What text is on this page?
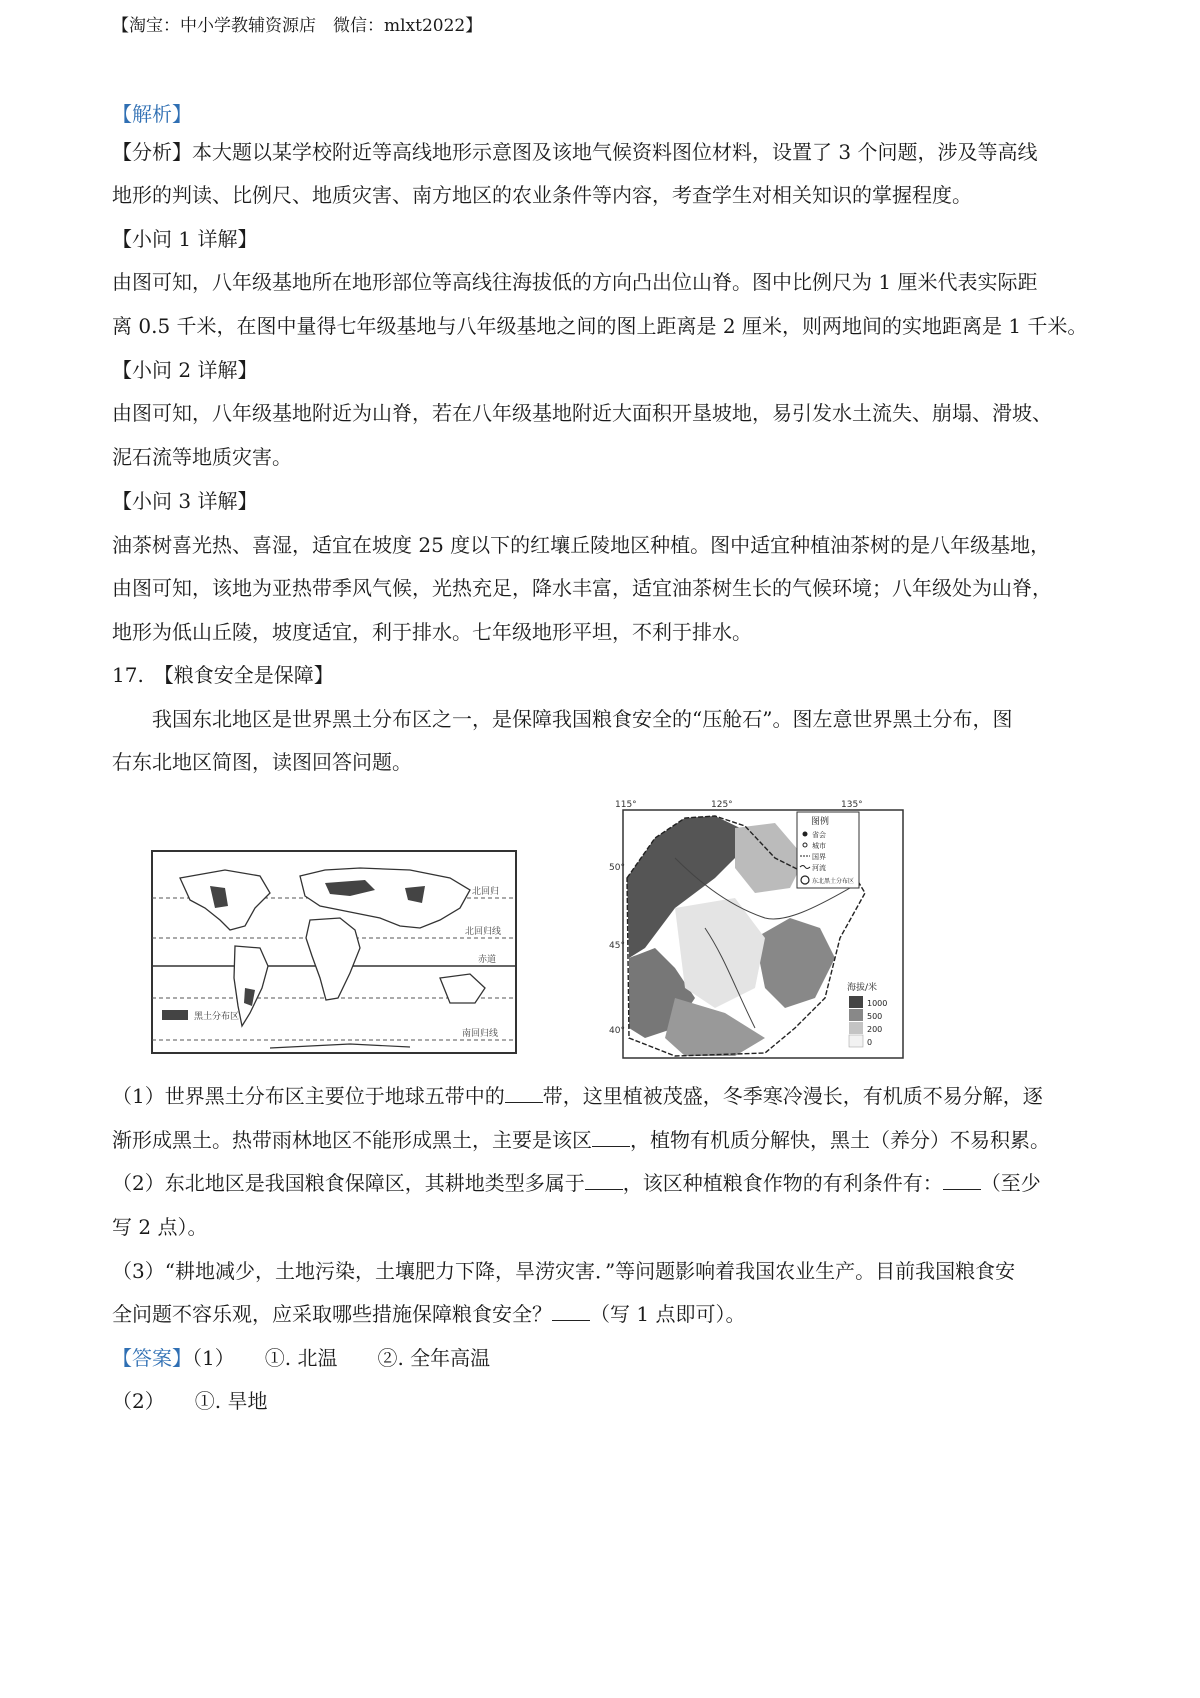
【淘宝：中小学教辅资源店　微信：mlxt2022】
【解析】
【分析】本大题以某学校附近等高线地形示意图及该地气候资料图位材料，设置了 3 个问题，涉及等高线
地形的判读、比例尺、地质灾害、南方地区的农业条件等内容，考查学生对相关知识的掌握程度。
【小问 1 详解】
由图可知，八年级基地所在地形部位等高线往海拔低的方向凸出位山脊。图中比例尺为 1 厘米代表实际距
离 0.5 千米，在图中量得七年级基地与八年级基地之间的图上距离是 2 厘米，则两地间的实地距离是 1 千米。
【小问 2 详解】
由图可知，八年级基地附近为山脊，若在八年级基地附近大面积开垦坡地，易引发水土流失、崩塌、滑坡、
泥石流等地质灾害。
【小问 3 详解】
油茶树喜光热、喜湿，适宜在坡度 25 度以下的红壤丘陵地区种植。图中适宜种植油茶树的是八年级基地，
由图可知，该地为亚热带季风气候，光热充足，降水丰富，适宜油茶树生长的气候环境；八年级处为山脊，
地形为低山丘陵，坡度适宜，利于排水。七年级地形平坦，不利于排水。
17.　【粮食安全是保障】
　　我国东北地区是世界黑土分布区之一，是保障我国粮食安全的“压舱石”。图左意世界黑土分布，图
右东北地区简图，读图回答问题。
北回归
北回归线
赤道
南回归线
黑土分布区
115°	125°	135°
50°
45°
40°
图例
省会
城市
国界
河流
东北黑土分布区
海拔/米
1000
500
200
0
（1）世界黑土分布区主要位于地球五带中的 带，这里植被茂盛，冬季寒冷漫长，有机质不易分解，逐
渐形成黑土。热带雨林地区不能形成黑土，主要是该区 ，植物有机质分解快，黑土（养分）不易积累。
（2）东北地区是我国粮食保障区，其耕地类型多属于 ，该区种植粮食作物的有利条件有： （至少
写 2 点）。
（3）“耕地减少，土地污染，土壤肥力下降，旱涝灾害．”等问题影响着我国农业生产。目前我国粮食安
全问题不容乐观，应采取哪些措施保障粮食安全？ （写 1 点即可）。
【答案】（1）　　①. 北温　　②. 全年高温
（2）　　①. 旱地
